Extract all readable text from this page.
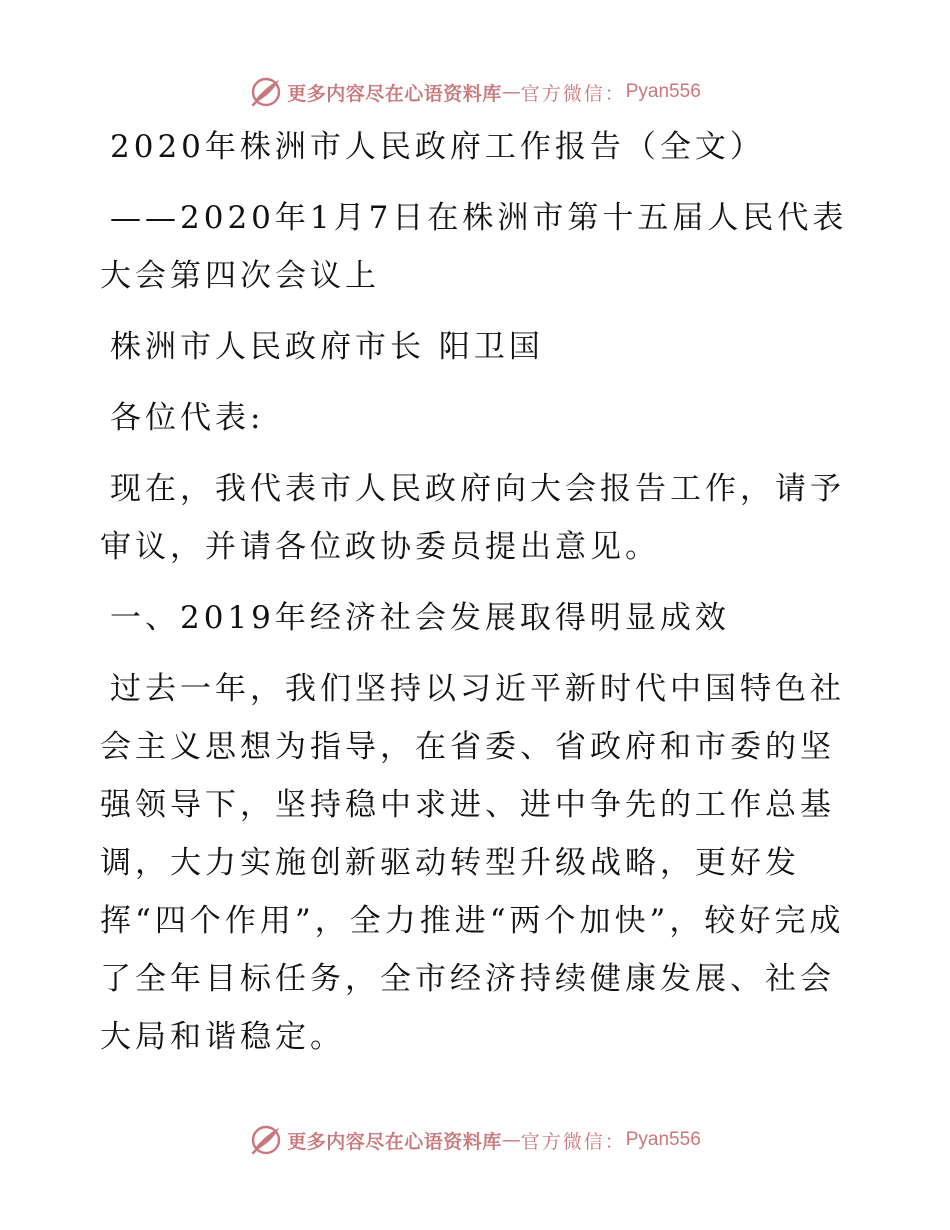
更多内容尽在心语资料库 — 官方微信： Pyan556

2020年株洲市人民政府工作报告（全文）

——2020年1月7日在株洲市第十五届人民代表大会第四次会议上

株洲市人民政府市长 阳卫国

各位代表:

现在，我代表市人民政府向大会报告工作，请予审议，并请各位政协委员提出意见。

一、2019年经济社会发展取得明显成效

过去一年，我们坚持以习近平新时代中国特色社会主义思想为指导，在省委、省政府和市委的坚强领导下，坚持稳中求进、进中争先的工作总基调，大力实施创新驱动转型升级战略，更好发挥“四个作用”，全力推进“两个加快”，较好完成了全年目标任务，全市经济持续健康发展、社会大局和谐稳定。

更多内容尽在心语资料库 — 官方微信： Pyan556
